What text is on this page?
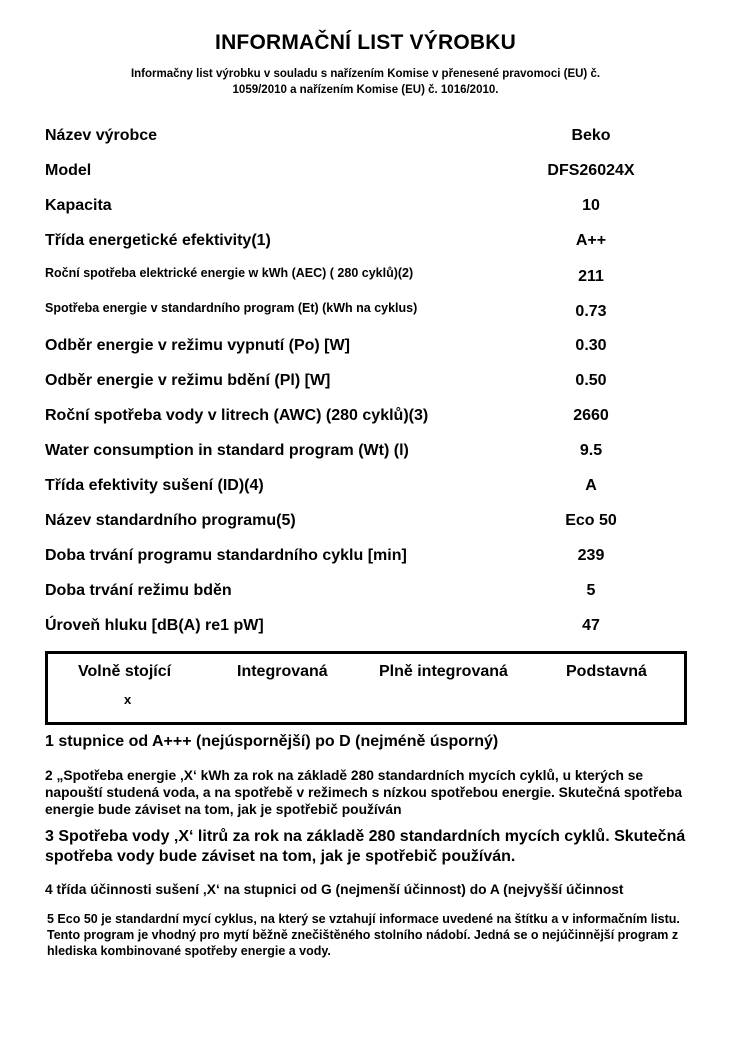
INFORMAČNÍ LIST VÝROBKU
Informačny list výrobku v souladu s nařízením Komise v přenesené pravomoci (EU) č. 1059/2010 a nařízením Komise (EU) č. 1016/2010.
Název výrobce	Beko
Model	DFS26024X
Kapacita	10
Třída energetické efektivity(1)	A++
Roční spotřeba elektrické energie w kWh (AEC) ( 280 cyklů)(2)	211
Spotřeba energie v standardního program (Et) (kWh na cyklus)	0.73
Odběr energie v režimu vypnutí (Po) [W]	0.30
Odběr energie v režimu bdění (Pl) [W]	0.50
Roční spotřeba vody v litrech (AWC) (280 cyklů)(3)	2660
Water consumption in standard program (Wt) (l)	9.5
Třída efektivity sušení (ID)(4)	A
Název standardního programu(5)	Eco 50
Doba trvání programu standardního cyklu [min]	239
Doba trvání režimu bděn	5
Úroveň hluku [dB(A) re1 pW]	47
Volně stojící	Integrovaná	Plně integrovaná	Podstavná
x
1 stupnice od A+++ (nejúspornější) po D (nejméně úsporný)
2 „Spotřeba energie ‚X‘ kWh za rok na základě 280 standardních mycích cyklů, u kterých se napouští studená voda, a na spotřebě v režimech s nízkou spotřebou energie. Skutečná spotřeba energie bude záviset na tom, jak je spotřebič používán
3 Spotřeba vody ‚X‘ litrů za rok na základě 280 standardních mycích cyklů. Skutečná spotřeba vody bude záviset na tom, jak je spotřebič používán.
4 třída účinnosti sušení ‚X‘ na stupnici od G (nejmenší účinnost) do A (nejvyšší účinnost
5 Eco 50 je standardní mycí cyklus, na který se vztahují informace uvedené na štítku a v informačním listu. Tento program je vhodný pro mytí běžně znečištěného stolního nádobí. Jedná se o nejúčinnější program z hlediska kombinované spotřeby energie a vody.
